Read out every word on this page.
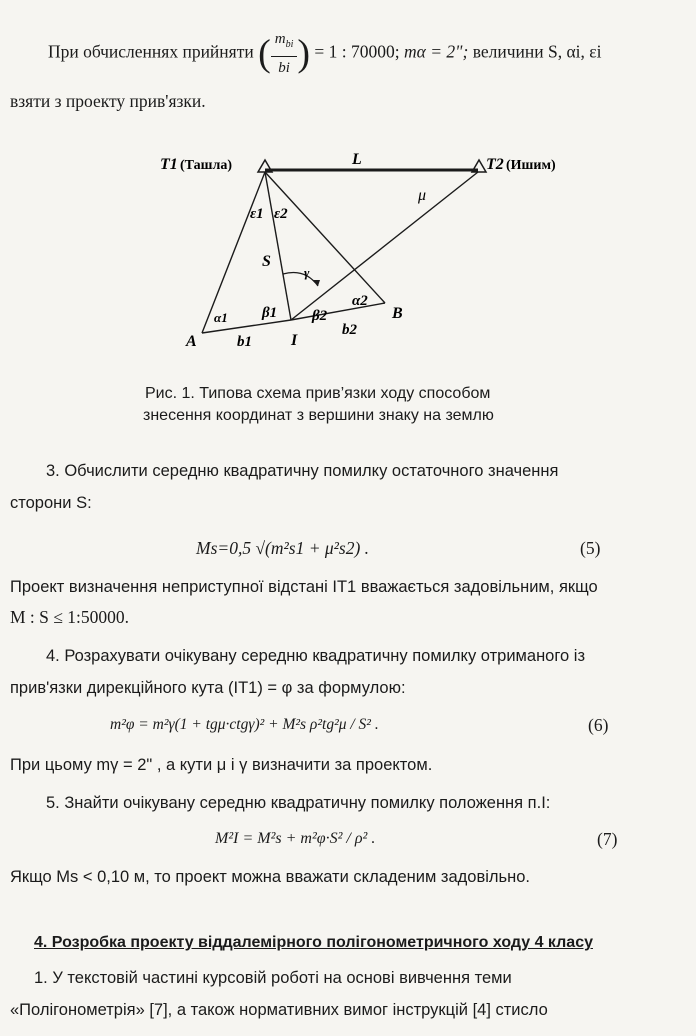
При обчисленнях прийняти ( $\frac{m_{bi}}{bi}$ ) = 1 : 70000; mα = 2"; величини S, αi, εi
взяти з проекту прив'язки.
T1 (Ташла)	T2 (Ишим)
L
μ
ε1 ε2
S
γ
α1
α2
β1 β2
A
B
I
b1
b2
Рис. 1. Типова схема прив’язки ходу способом
знесення координат з вершини знаку на землю
3. Обчислити середню квадратичну помилку остаточного значення
сторони S:
Ms=0,5 √(m²s1 + μ²s2) .	(5)
Проект визначення неприступної відстані IT1 вважається задовільним, якщо
M : S ≤ 1:50000.
4. Розрахувати очікувану середню квадратичну помилку отриманого із
прив'язки дирекційного кута (IT1) = φ за формулою:
m²φ = m²γ(1 + tgμ·ctgγ)² + M²s ρ²tg²μ / S² .	(6)
При цьому mγ = 2" , а кути μ і γ визначити за проектом.
5. Знайти очікувану середню квадратичну помилку положення п.I:
M²I = M²s + m²φ·S² / ρ² .	(7)
Якщо Ms < 0,10 м, то проект можна вважати складеним задовільно.
4. Розробка проекту віддалемірного полігонометричного ходу 4 класу
1. У текстовій частині курсовій роботі на основі вивчення теми
«Полігонометрія» [7], а також нормативних вимог інструкцій [4] стисло
